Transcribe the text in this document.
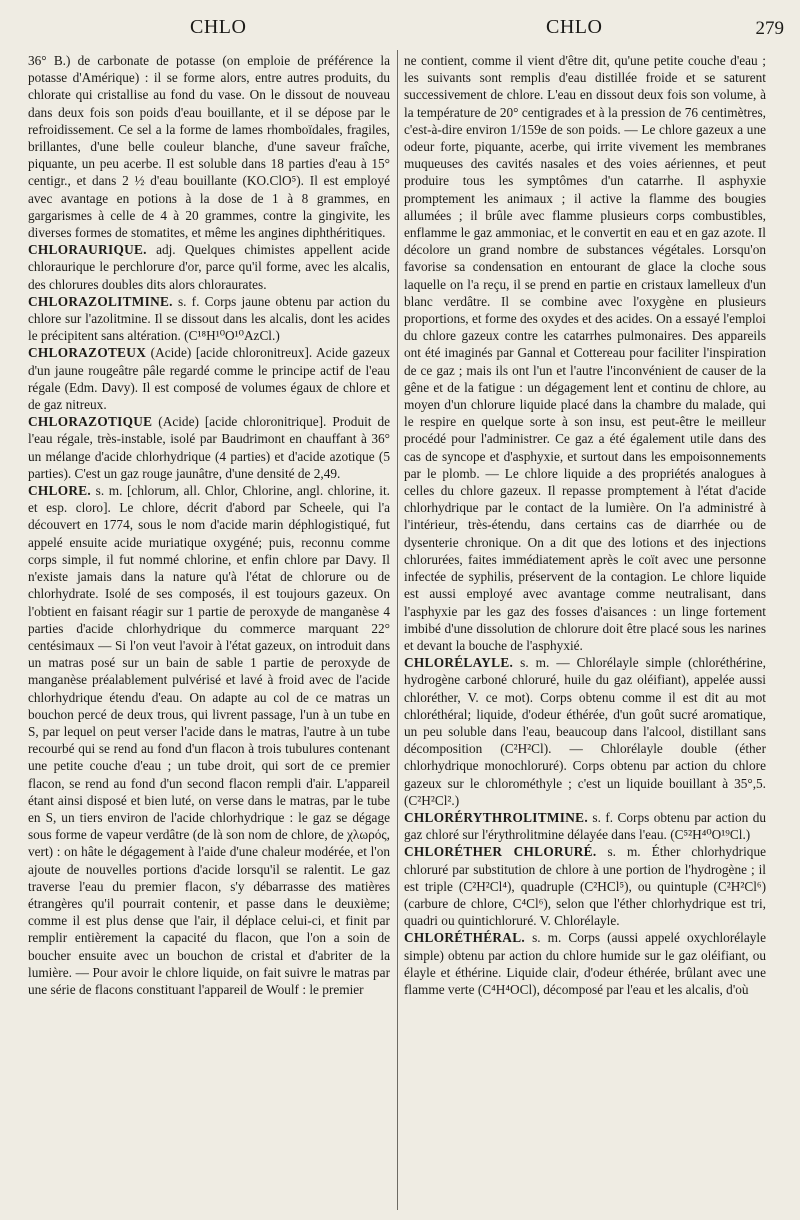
CHLO	CHLO	279

36° B.) de carbonate de potasse (on emploie de préférence la potasse d'Amérique) : il se forme alors, entre autres produits, du chlorate qui cristallise au fond du vase. On le dissout de nouveau dans deux fois son poids d'eau bouillante, et il se dépose par le refroidissement. Ce sel a la forme de lames rhomboïdales, fragiles, brillantes, d'une belle couleur blanche, d'une saveur fraîche, piquante, un peu acerbe. Il est soluble dans 18 parties d'eau à 15° centigr., et dans 2 ½ d'eau bouillante (KO.ClO⁵). Il est employé avec avantage en potions à la dose de 1 à 8 grammes, en gargarismes à celle de 4 à 20 grammes, contre la gingivite, les diverses formes de stomatites, et même les angines diphthéritiques.

CHLORAURIQUE. adj. Quelques chimistes appellent acide chloraurique le perchlorure d'or, parce qu'il forme, avec les alcalis, des chlorures doubles dits alors chloraurates.

CHLORAZOLITMINE. s. f. Corps jaune obtenu par action du chlore sur l'azolitmine. Il se dissout dans les alcalis, dont les acides le précipitent sans altération. (C¹⁸H¹⁰O¹⁰AzCl.)

CHLORAZOTEUX (Acide) [acide chloronitreux]. Acide gazeux d'un jaune rougeâtre pâle regardé comme le principe actif de l'eau régale (Edm. Davy). Il est composé de volumes égaux de chlore et de gaz nitreux.

CHLORAZOTIQUE (Acide) [acide chloronitrique]. Produit de l'eau régale, très-instable, isolé par Baudrimont en chauffant à 36° un mélange d'acide chlorhydrique (4 parties) et d'acide azotique (5 parties). C'est un gaz rouge jaunâtre, d'une densité de 2,49.

CHLORE. s. m. [chlorum, all. Chlor, Chlorine, angl. chlorine, it. et esp. cloro]. Le chlore, décrit d'abord par Scheele, qui l'a découvert en 1774, sous le nom d'acide marin déphlogistiqué, fut appelé ensuite acide muriatique oxygéné; puis, reconnu comme corps simple, il fut nommé chlorine, et enfin chlore par Davy. Il n'existe jamais dans la nature qu'à l'état de chlorure ou de chlorhydrate. Isolé de ses composés, il est toujours gazeux. On l'obtient en faisant réagir sur 1 partie de peroxyde de manganèse 4 parties d'acide chlorhydrique du commerce marquant 22° centésimaux — Si l'on veut l'avoir à l'état gazeux, on introduit dans un matras posé sur un bain de sable 1 partie de peroxyde de manganèse préalablement pulvérisé et lavé à froid avec de l'acide chlorhydrique étendu d'eau. On adapte au col de ce matras un bouchon percé de deux trous, qui livrent passage, l'un à un tube en S, par lequel on peut verser l'acide dans le matras, l'autre à un tube recourbé qui se rend au fond d'un flacon à trois tubulures contenant une petite couche d'eau ; un tube droit, qui sort de ce premier flacon, se rend au fond d'un second flacon rempli d'air. L'appareil étant ainsi disposé et bien luté, on verse dans le matras, par le tube en S, un tiers environ de l'acide chlorhydrique : le gaz se dégage sous forme de vapeur verdâtre (de là son nom de chlore, de χλωρός, vert) : on hâte le dégagement à l'aide d'une chaleur modérée, et l'on ajoute de nouvelles portions d'acide lorsqu'il se ralentit. Le gaz traverse l'eau du premier flacon, s'y débarrasse des matières étrangères qu'il pourrait contenir, et passe dans le deuxième; comme il est plus dense que l'air, il déplace celui-ci, et finit par remplir entièrement la capacité du flacon, que l'on a soin de boucher ensuite avec un bouchon de cristal et d'abriter de la lumière. — Pour avoir le chlore liquide, on fait suivre le matras par une série de flacons constituant l'appareil de Woulf : le premier

ne contient, comme il vient d'être dit, qu'une petite couche d'eau ; les suivants sont remplis d'eau distillée froide et se saturent successivement de chlore. L'eau en dissout deux fois son volume, à la température de 20° centigrades et à la pression de 76 centimètres, c'est-à-dire environ 1/159e de son poids. — Le chlore gazeux a une odeur forte, piquante, acerbe, qui irrite vivement les membranes muqueuses des cavités nasales et des voies aériennes, et peut produire tous les symptômes d'un catarrhe. Il asphyxie promptement les animaux ; il active la flamme des bougies allumées ; il brûle avec flamme plusieurs corps combustibles, enflamme le gaz ammoniac, et le convertit en eau et en gaz azote. Il décolore un grand nombre de substances végétales. Lorsqu'on favorise sa condensation en entourant de glace la cloche sous laquelle on l'a reçu, il se prend en partie en cristaux lamelleux d'un blanc verdâtre. Il se combine avec l'oxygène en plusieurs proportions, et forme des oxydes et des acides. On a essayé l'emploi du chlore gazeux contre les catarrhes pulmonaires. Des appareils ont été imaginés par Gannal et Cottereau pour faciliter l'inspiration de ce gaz ; mais ils ont l'un et l'autre l'inconvénient de causer de la gêne et de la fatigue : un dégagement lent et continu de chlore, au moyen d'un chlorure liquide placé dans la chambre du malade, qui le respire en quelque sorte à son insu, est peut-être le meilleur procédé pour l'administrer. Ce gaz a été également utile dans des cas de syncope et d'asphyxie, et surtout dans les empoisonnements par le plomb. — Le chlore liquide a des propriétés analogues à celles du chlore gazeux. Il repasse promptement à l'état d'acide chlorhydrique par le contact de la lumière. On l'a administré à l'intérieur, très-étendu, dans certains cas de diarrhée ou de dysenterie chronique. On a dit que des lotions et des injections chlorurées, faites immédiatement après le coït avec une personne infectée de syphilis, préservent de la contagion. Le chlore liquide est aussi employé avec avantage comme neutralisant, dans l'asphyxie par les gaz des fosses d'aisances : un linge fortement imbibé d'une dissolution de chlorure doit être placé sous les narines et devant la bouche de l'asphyxié.

CHLORÉLAYLE. s. m. — Chlorélayle simple (chloréthérine, hydrogène carboné chloruré, huile du gaz oléifiant), appelée aussi chloréther, V. ce mot). Corps obtenu comme il est dit au mot chloréthéral; liquide, d'odeur éthérée, d'un goût sucré aromatique, un peu soluble dans l'eau, beaucoup dans l'alcool, distillant sans décomposition (C²H²Cl). — Chlorélayle double (éther chlorhydrique monochloruré). Corps obtenu par action du chlore gazeux sur le chlorométhyle ; c'est un liquide bouillant à 35°,5. (C²H²Cl².)

CHLORÉRYTHROLITMINE. s. f. Corps obtenu par action du gaz chloré sur l'érythrolitmine délayée dans l'eau. (C⁵²H⁴⁰O¹⁹Cl.)

CHLORÉTHER CHLORURÉ. s. m. Éther chlorhydrique chloruré par substitution de chlore à une portion de l'hydrogène ; il est triple (C²H²Cl⁴), quadruple (C²HCl⁵), ou quintuple (C²H²Cl⁶) (carbure de chlore, C⁴Cl⁶), selon que l'éther chlorhydrique est tri, quadri ou quintichloruré. V. Chlorélayle.

CHLORÉTHÉRAL. s. m. Corps (aussi appelé oxychlorélayle simple) obtenu par action du chlore humide sur le gaz oléifiant, ou élayle et éthérine. Liquide clair, d'odeur éthérée, brûlant avec une flamme verte (C⁴H⁴OCl), décomposé par l'eau et les alcalis, d'où
